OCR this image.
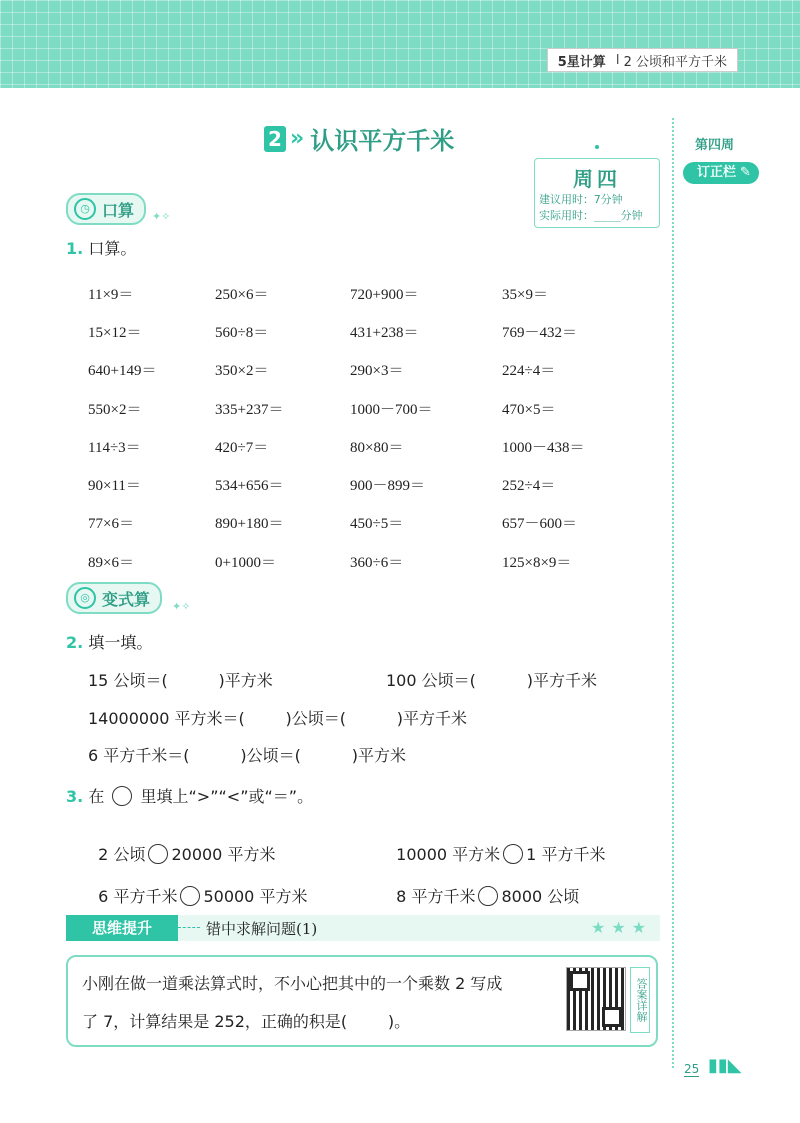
5星计算 I 2 公顷和平方千米
2 » 认识平方千米	第四周
订正栏 ✎
周四
建议用时：7分钟
实际用时：____分钟
◷ 口算 ✦✧
1. 口算。
11×9＝	250×6＝	720+900＝	35×9＝
15×12＝	560÷8＝	431+238＝	769－432＝
640+149＝	350×2＝	290×3＝	224÷4＝
550×2＝	335+237＝	1000－700＝	470×5＝
114÷3＝	420÷7＝	80×80＝	1000－438＝
90×11＝	534+656＝	900－899＝	252÷4＝
77×6＝	890+180＝	450÷5＝	657－600＝
89×6＝	0+1000＝	360÷6＝	125×8×9＝
◎ 变式算 ✦✧
2. 填一填。
15 公顷＝(          )平方米	100 公顷＝(          )平方千米
14000000 平方米＝(        )公顷＝(          )平方千米
6 平方千米＝(          )公顷＝(          )平方米
3. 在 里填上“>”“<”或“＝”。

2 公顷 20000 平方米	10000 平方米 1 平方千米

6 平方千米 50000 平方米	8 平方千米 8000 公顷

思维提升	错中求解问题(1)	★★★
小刚在做一道乘法算式时，不小心把其中的一个乘数 2 写成
了 7，计算结果是 252，正确的积是(        )。	答案详解
25 ▮▮◣
